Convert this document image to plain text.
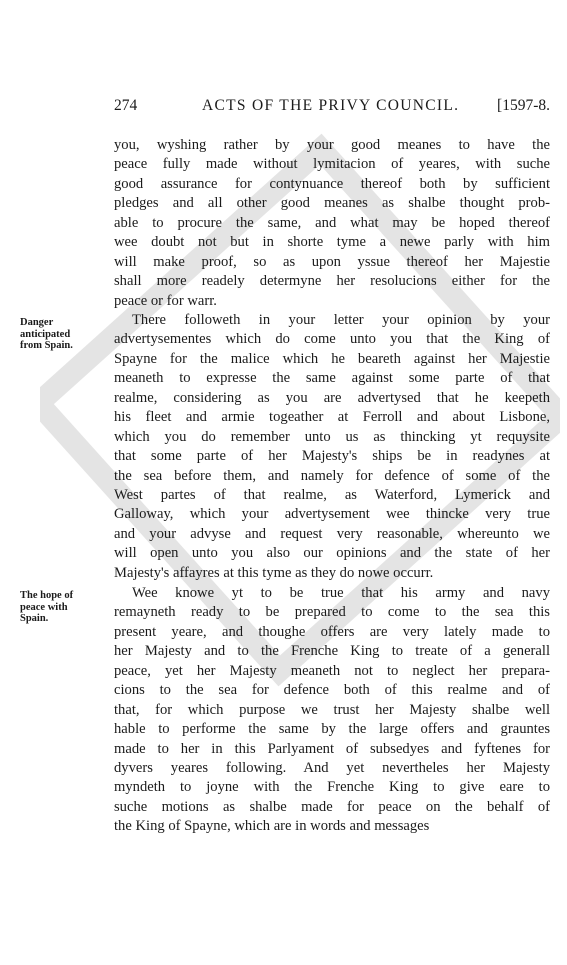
274	ACTS OF THE PRIVY COUNCIL. [1597-8.
you, wyshing rather by your good meanes to have the
peace fully made without lymitacion of yeares, with suche
good assurance for contynuance thereof both by sufficient
pledges and all other good meanes as shalbe thought prob-
able to procure the same, and what may be hoped thereof
wee doubt not but in shorte tyme a newe parly with him
will make proof, so as upon yssue thereof her Majestie
shall more readely determyne her resolucions either for the
peace or for warr.
Danger
anticipated
from Spain.
There followeth in your letter your opinion by your
advertysementes which do come unto you that the King of
Spayne for the malice which he beareth against her Majestie
meaneth to expresse the same against some parte of that
realme, considering as you are advertysed that he keepeth
his fleet and armie togeather at Ferroll and about Lisbone,
which you do remember unto us as thincking yt requysite
that some parte of her Majesty's ships be in readynes at
the sea before them, and namely for defence of some of the
West partes of that realme, as Waterford, Lymerick and
Galloway, which your advertysement wee thincke very true
and your advyse and request very reasonable, whereunto we
will open unto you also our opinions and the state of her
Majesty's affayres at this tyme as they do nowe occurr.
The hope of
peace with
Spain.
Wee knowe yt to be true that his army and navy
remayneth ready to be prepared to come to the sea this
present yeare, and thoughe offers are very lately made to
her Majesty and to the Frenche King to treate of a generall
peace, yet her Majesty meaneth not to neglect her prepara-
cions to the sea for defence both of this realme and of
that, for which purpose we trust her Majesty shalbe well
hable to performe the same by the large offers and grauntes
made to her in this Parlyament of subsedyes and fyftenes for
dyvers yeares following. And yet nevertheles her Majesty
myndeth to joyne with the Frenche King to give eare to
suche motions as shalbe made for peace on the behalf of
the King of Spayne, which are in words and messages
